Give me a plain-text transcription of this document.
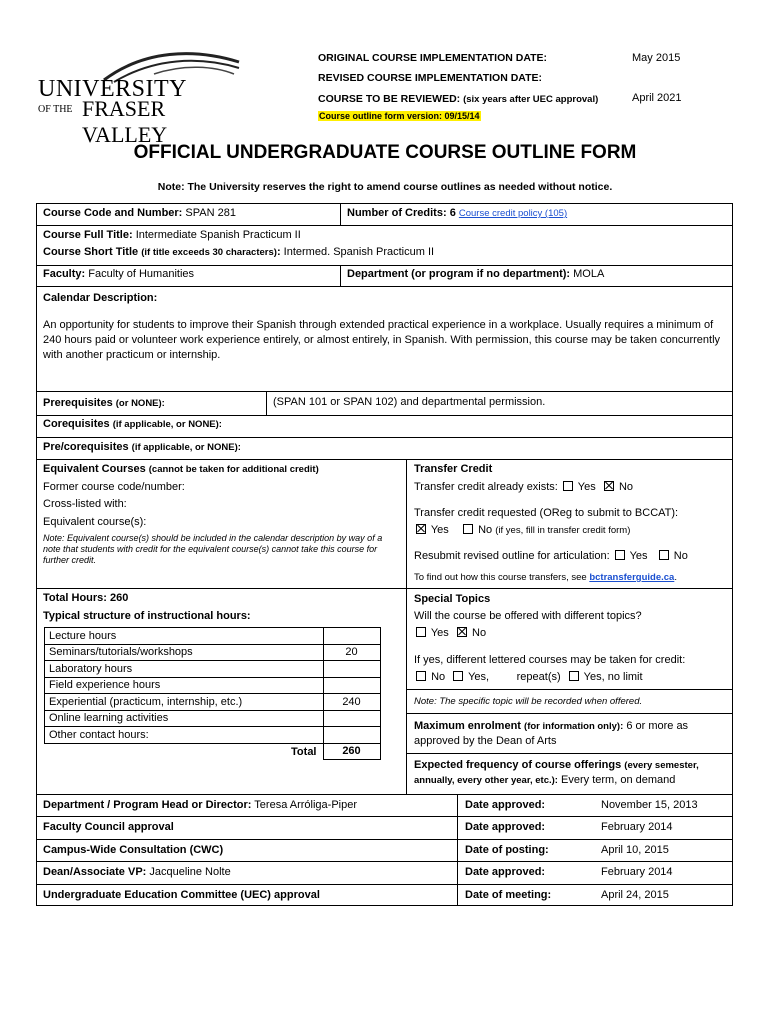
UNIVERSITY
OF THE FRASER VALLEY
ORIGINAL COURSE IMPLEMENTATION DATE:	May 2015
REVISED COURSE IMPLEMENTATION DATE:
COURSE TO BE REVIEWED: (six years after UEC approval)	April 2021
Course outline form version: 09/15/14
OFFICIAL UNDERGRADUATE COURSE OUTLINE FORM
Note: The University reserves the right to amend course outlines as needed without notice.
Course Code and Number: SPAN 281	Number of Credits: 6 Course credit policy (105)
Course Full Title: Intermediate Spanish Practicum II
Course Short Title (if title exceeds 30 characters): Intermed. Spanish Practicum II
Faculty: Faculty of Humanities	Department (or program if no department): MOLA
Calendar Description:
An opportunity for students to improve their Spanish through extended practical experience in a workplace. Usually requires a minimum of 240 hours paid or volunteer work experience entirely, or almost entirely, in Spanish. With permission, this course may be taken concurrently with another practicum or internship.
Prerequisites (or NONE):	(SPAN 101 or SPAN 102) and departmental permission.
Corequisites (if applicable, or NONE):
Pre/corequisites (if applicable, or NONE):
Equivalent Courses (cannot be taken for additional credit)
Former course code/number:
Cross-listed with:
Equivalent course(s):
Note: Equivalent course(s) should be included in the calendar description by way of a note that students with credit for the equivalent course(s) cannot take this course for further credit.
Transfer Credit
Transfer credit already exists: Yes No
Transfer credit requested (OReg to submit to BCCAT):
Yes	No (if yes, fill in transfer credit form)
Resubmit revised outline for articulation: Yes No
To find out how this course transfers, see bctransferguide.ca.
Total Hours: 260
Typical structure of instructional hours:
Lecture hours	
Seminars/tutorials/workshops	20
Laboratory hours	
Field experience hours	
Experiential (practicum, internship, etc.)	240
Online learning activities	
Other contact hours:	
Total	260
Special Topics
Will the course be offered with different topics?
Yes No
If yes, different lettered courses may be taken for credit:
No Yes,	repeat(s) Yes, no limit
Note: The specific topic will be recorded when offered.
Maximum enrolment (for information only): 6 or more as approved by the Dean of Arts
Expected frequency of course offerings (every semester, annually, every other year, etc.): Every term, on demand
Department / Program Head or Director: Teresa Arróliga-Piper	Date approved:	November 15, 2013
Faculty Council approval	Date approved:	February 2014
Campus-Wide Consultation (CWC)	Date of posting:	April 10, 2015
Dean/Associate VP: Jacqueline Nolte	Date approved:	February 2014
Undergraduate Education Committee (UEC) approval	Date of meeting:	April 24, 2015
